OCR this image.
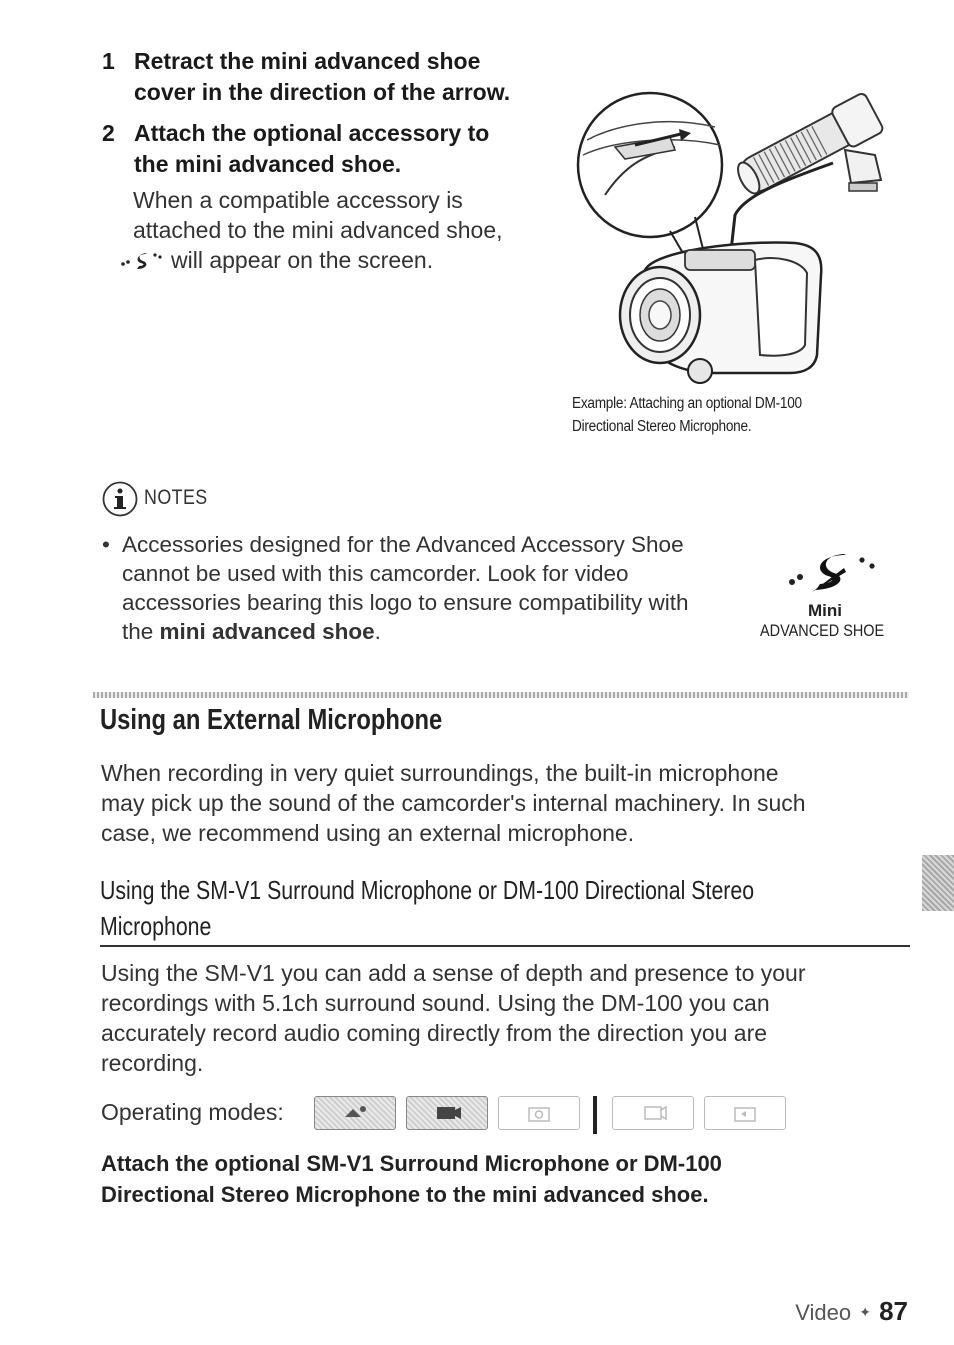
1 Retract the mini advanced shoe
cover in the direction of the arrow.
2 Attach the optional accessory to
the mini advanced shoe.
When a compatible accessory is
attached to the mini advanced shoe,
will appear on the screen.
Example: Attaching an optional DM-100
Directional Stereo Microphone.
NOTES
• Accessories designed for the Advanced Accessory Shoe
cannot be used with this camcorder. Look for video
accessories bearing this logo to ensure compatibility with
the mini advanced shoe.
Mini
ADVANCED SHOE
Using an External Microphone
When recording in very quiet surroundings, the built-in microphone
may pick up the sound of the camcorder's internal machinery. In such
case, we recommend using an external microphone.
Using the SM-V1 Surround Microphone or DM-100 Directional Stereo
Microphone
Using the SM-V1 you can add a sense of depth and presence to your
recordings with 5.1ch surround sound. Using the DM-100 you can
accurately record audio coming directly from the direction you are
recording.
Operating modes:
Attach the optional SM-V1 Surround Microphone or DM-100
Directional Stereo Microphone to the mini advanced shoe.
Video ✦ 87
